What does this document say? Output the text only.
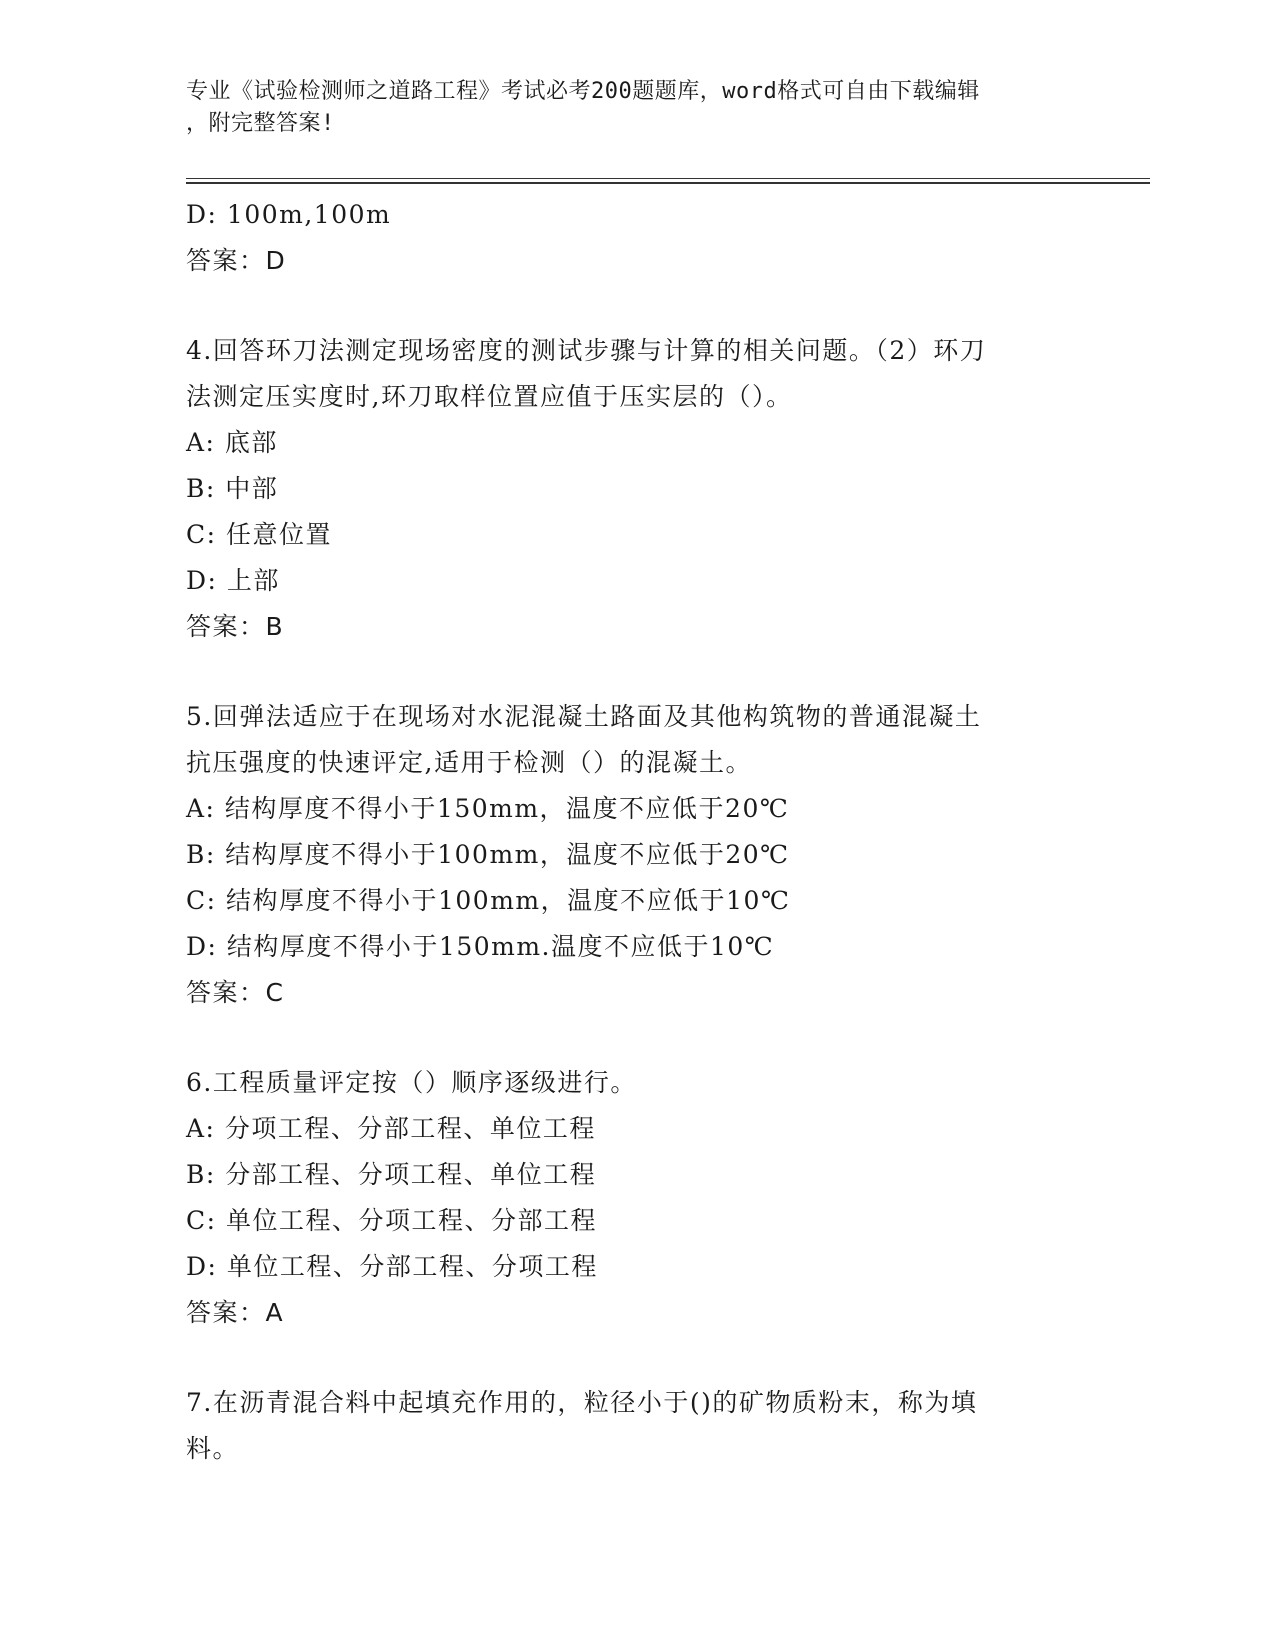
专业《试验检测师之道路工程》考试必考200题题库，word格式可自由下载编辑
，附完整答案!
D: 100m,100m
答案：D
4.回答环刀法测定现场密度的测试步骤与计算的相关问题。（2）环刀
法测定压实度时,环刀取样位置应值于压实层的（）。
A: 底部
B: 中部
C: 任意位置
D: 上部
答案：B
5.回弹法适应于在现场对水泥混凝土路面及其他构筑物的普通混凝土
抗压强度的快速评定,适用于检测（）的混凝土。
A: 结构厚度不得小于150mm，温度不应低于20℃
B: 结构厚度不得小于100mm，温度不应低于20℃
C: 结构厚度不得小于100mm，温度不应低于10℃
D: 结构厚度不得小于150mm.温度不应低于10℃
答案：C
6.工程质量评定按（）顺序逐级进行。
A: 分项工程、分部工程、单位工程
B: 分部工程、分项工程、单位工程
C: 单位工程、分项工程、分部工程
D: 单位工程、分部工程、分项工程
答案：A
7.在沥青混合料中起填充作用的，粒径小于()的矿物质粉末，称为填
料。
